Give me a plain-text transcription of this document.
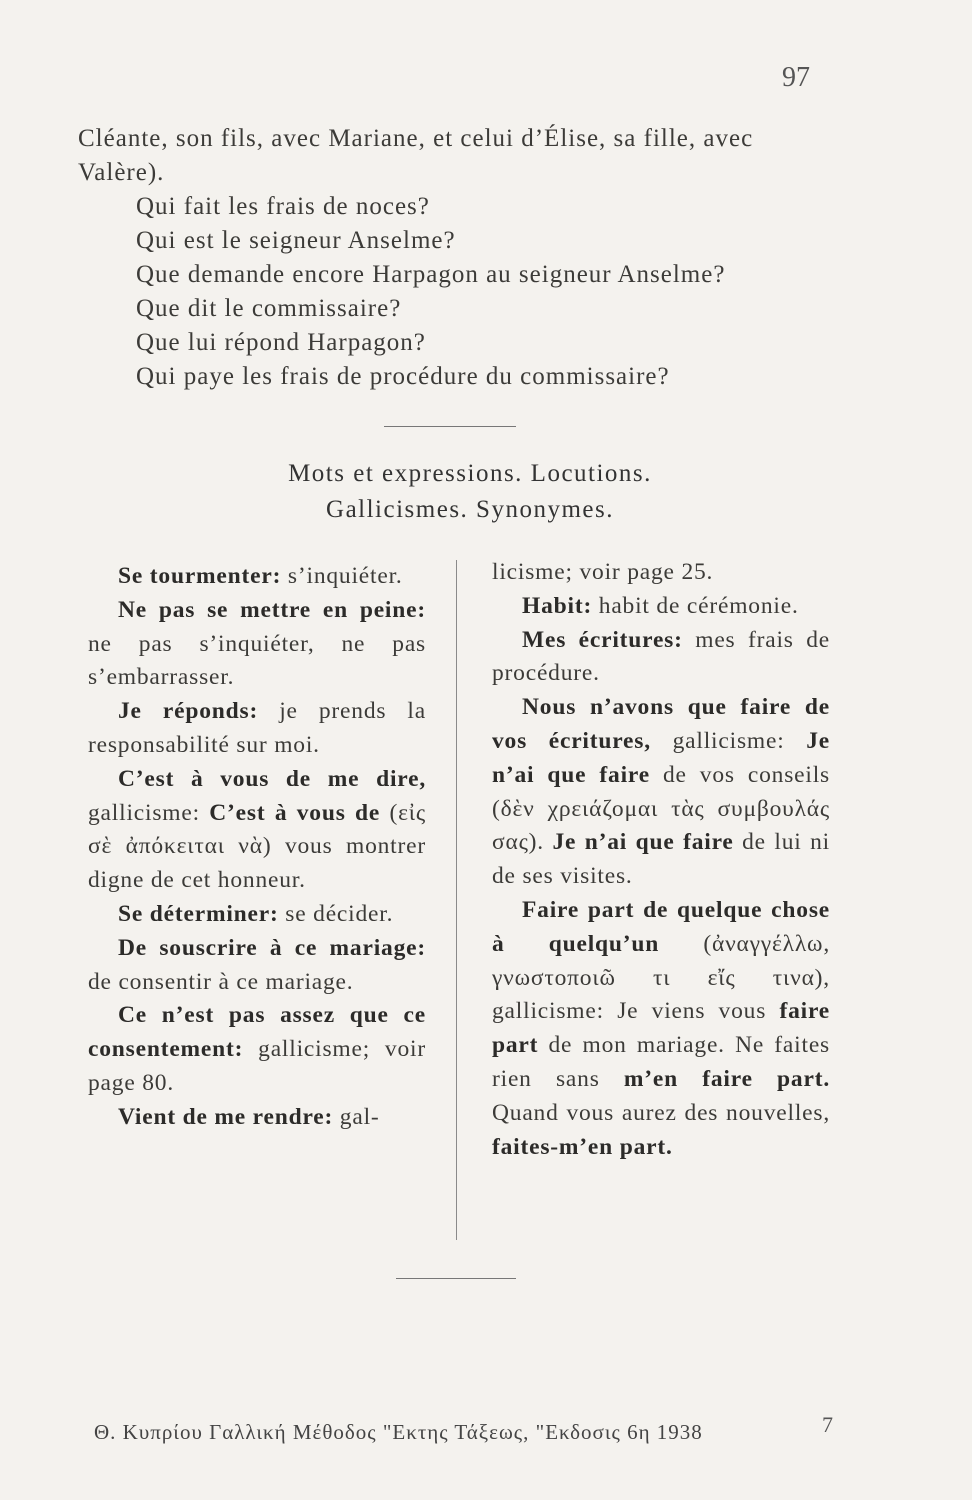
97

Cléante, son fils, avec Mariane, et celui d’Élise, sa fille, avec Valère).

Qui fait les frais de noces?
Qui est le seigneur Anselme?
Que demande encore Harpagon au seigneur Anselme?
Que dit le commissaire?
Que lui répond Harpagon?
Qui paye les frais de procédure du commissaire?
Mots et expressions. Locutions.
Gallicismes. Synonymes.

Se tourmenter: s’inquiéter.

Ne pas se mettre en peine: ne pas s’inquiéter, ne pas s’embarrasser.

Je réponds: je prends la responsabilité sur moi.

C’est à vous de me dire, gallicisme: C’est à vous de (εἰς σὲ ἀπόκειται νὰ) vous montrer digne de cet honneur.

Se déterminer: se décider.

De souscrire à ce mariage: de consentir à ce mariage.

Ce n’est pas assez que ce consentement: gallicisme; voir page 80.

Vient de me rendre: gal-

licisme; voir page 25.

Habit: habit de cérémonie.

Mes écritures: mes frais de procédure.

Nous n’avons que faire de vos écritures, gallicisme: Je n’ai que faire de vos conseils (δὲν χρειάζομαι τὰς συμβουλάς σας). Je n’ai que faire de lui ni de ses visites.

Faire part de quelque chose à quelqu’un (ἀναγγέλλω, γνωστοποιῶ τι εἴς τινα), gallicisme: Je viens vous faire part de mon mariage. Ne faites rien sans m’en faire part. Quand vous aurez des nouvelles, faites-m’en part.

Θ. Κυπρίου Γαλλική Μέθοδος "Εκτης Τάξεως, "Εκδοσις 6η 1938	7
